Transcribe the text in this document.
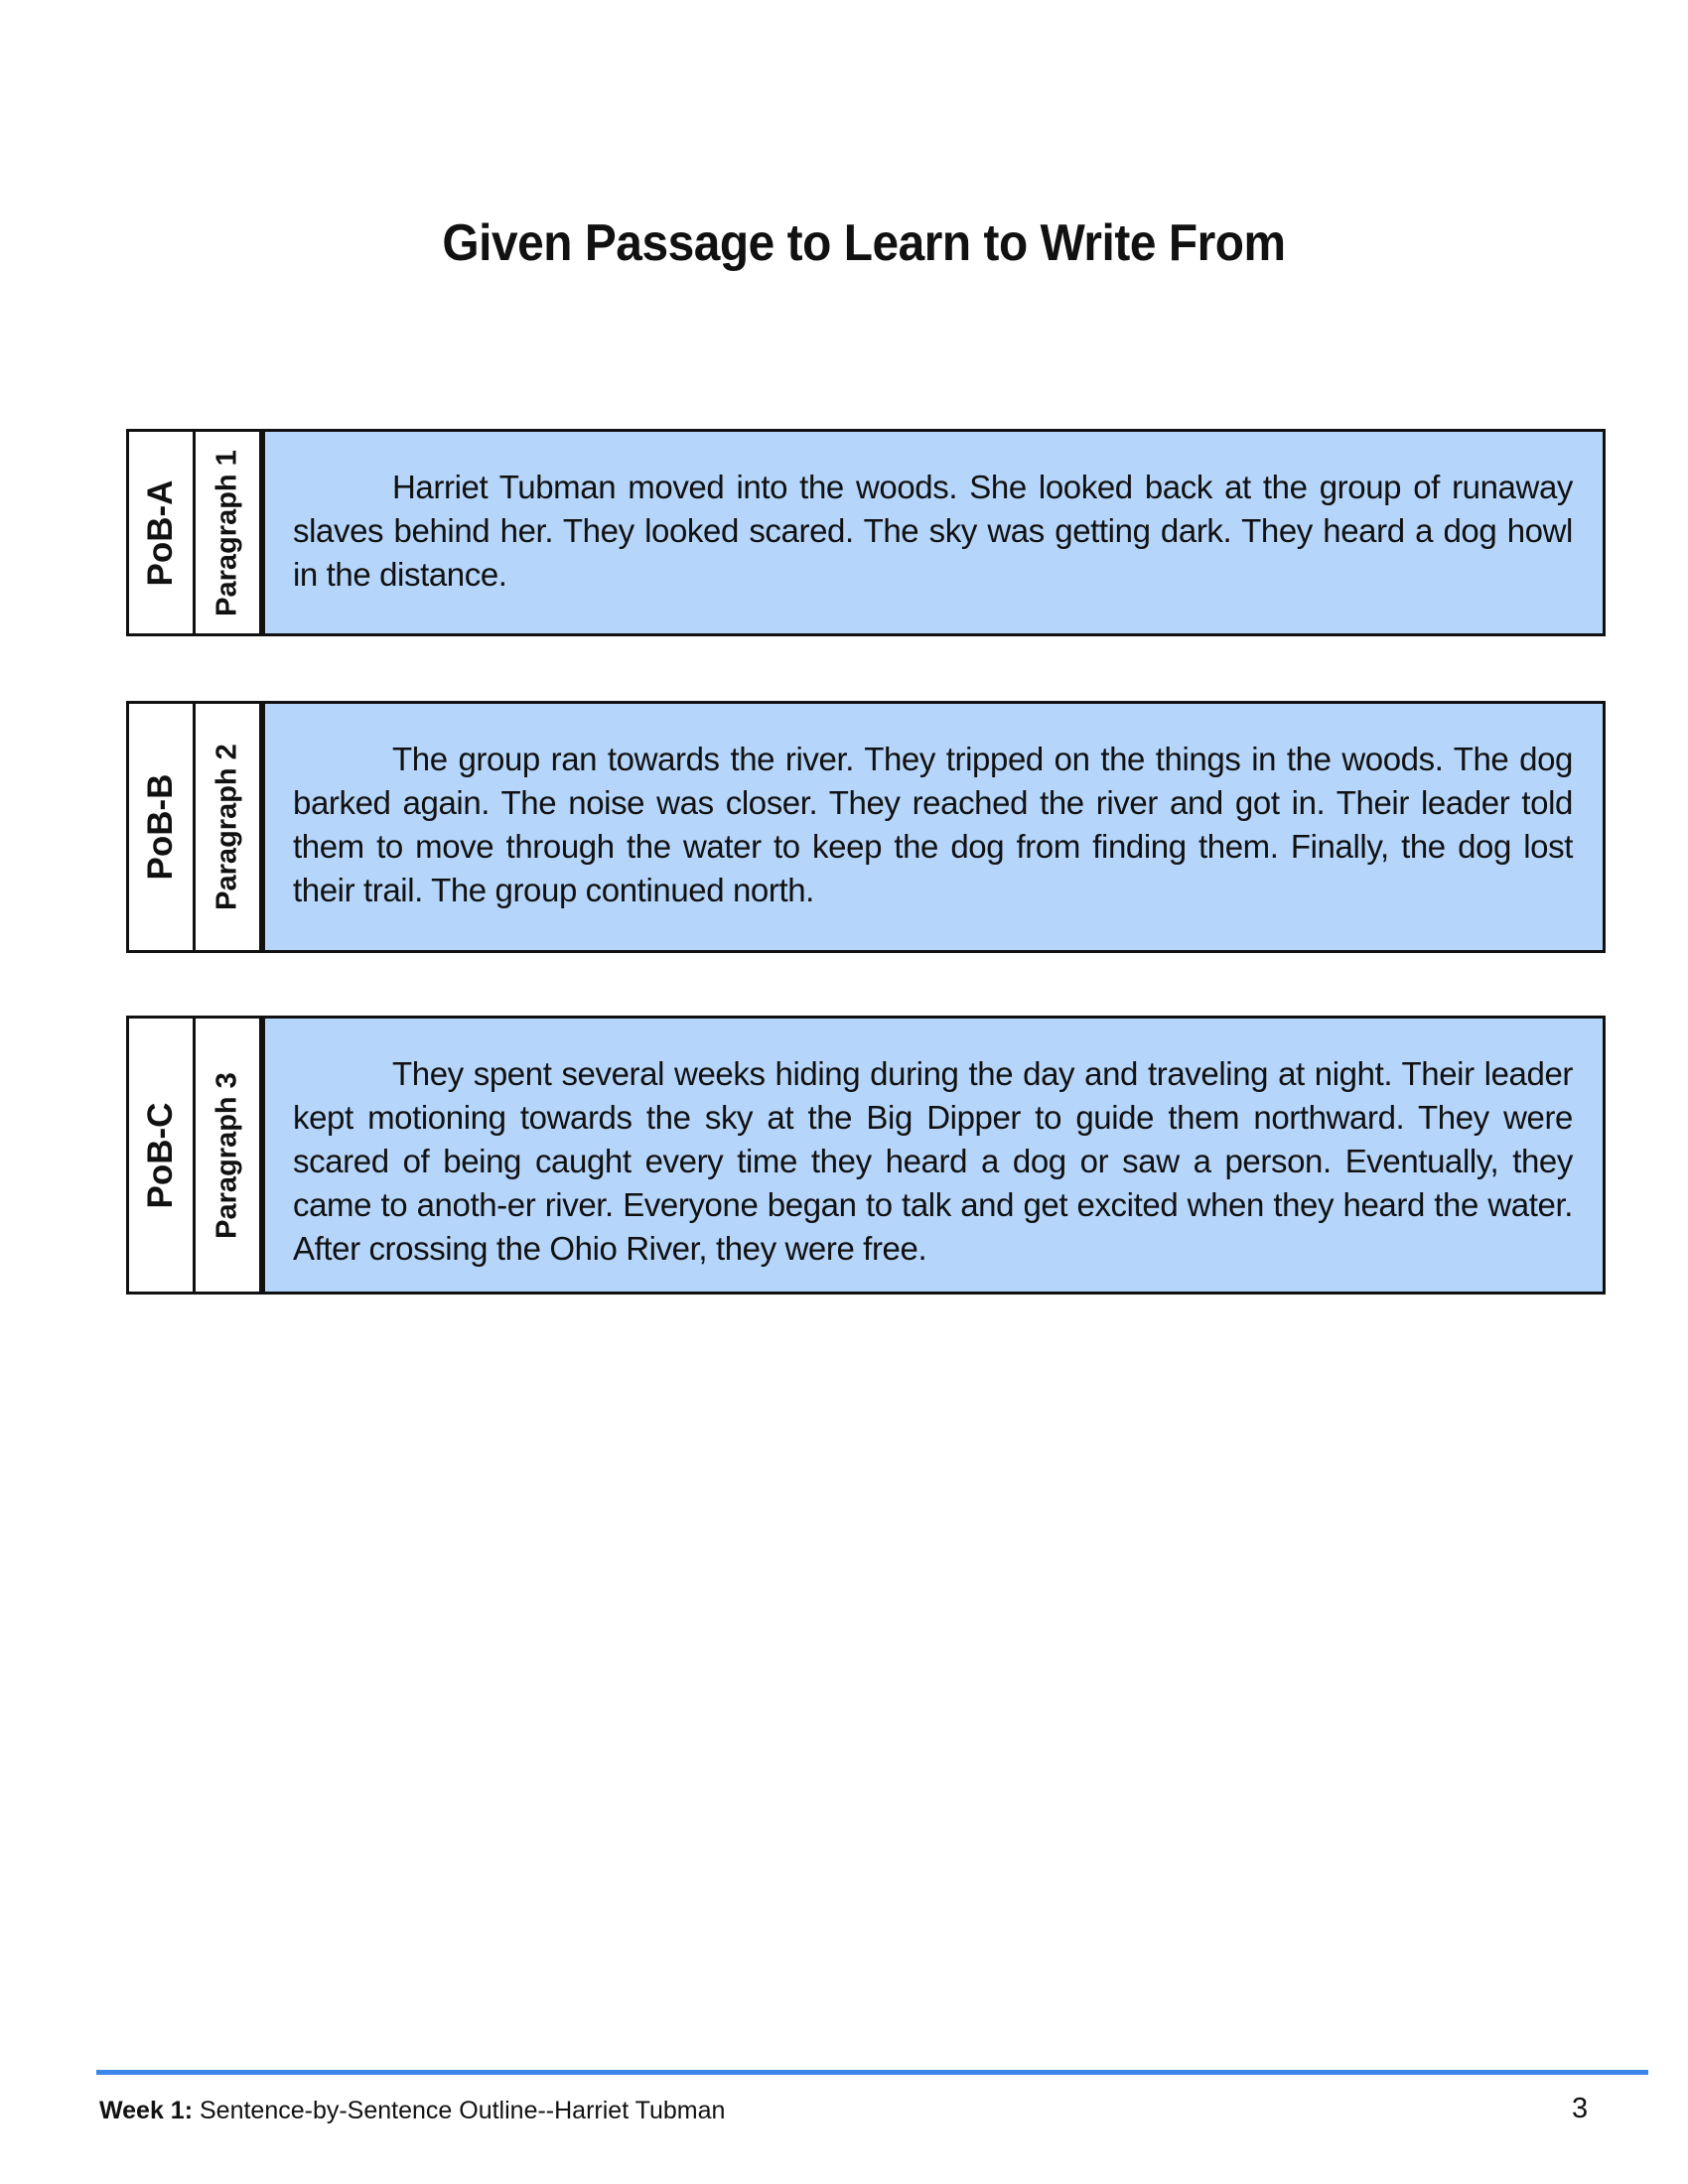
Given Passage to Learn to Write From
PoB-A Paragraph 1	Harriet Tubman moved into the woods. She looked back at the group of runaway slaves behind her. They looked scared. The sky was getting dark. They heard a dog howl in the distance.
PoB-B Paragraph 2	The group ran towards the river. They tripped on the things in the woods. The dog barked again. The noise was closer. They reached the river and got in. Their leader told them to move through the water to keep the dog from finding them. Finally, the dog lost their trail. The group continued north.
PoB-C Paragraph 3	They spent several weeks hiding during the day and traveling at night. Their leader kept motioning towards the sky at the Big Dipper to guide them northward. They were scared of being caught every time they heard a dog or saw a person. Eventually, they came to anoth-er river. Everyone began to talk and get excited when they heard the water. After crossing the Ohio River, they were free.
Week 1: Sentence-by-Sentence Outline--Harriet Tubman	3
